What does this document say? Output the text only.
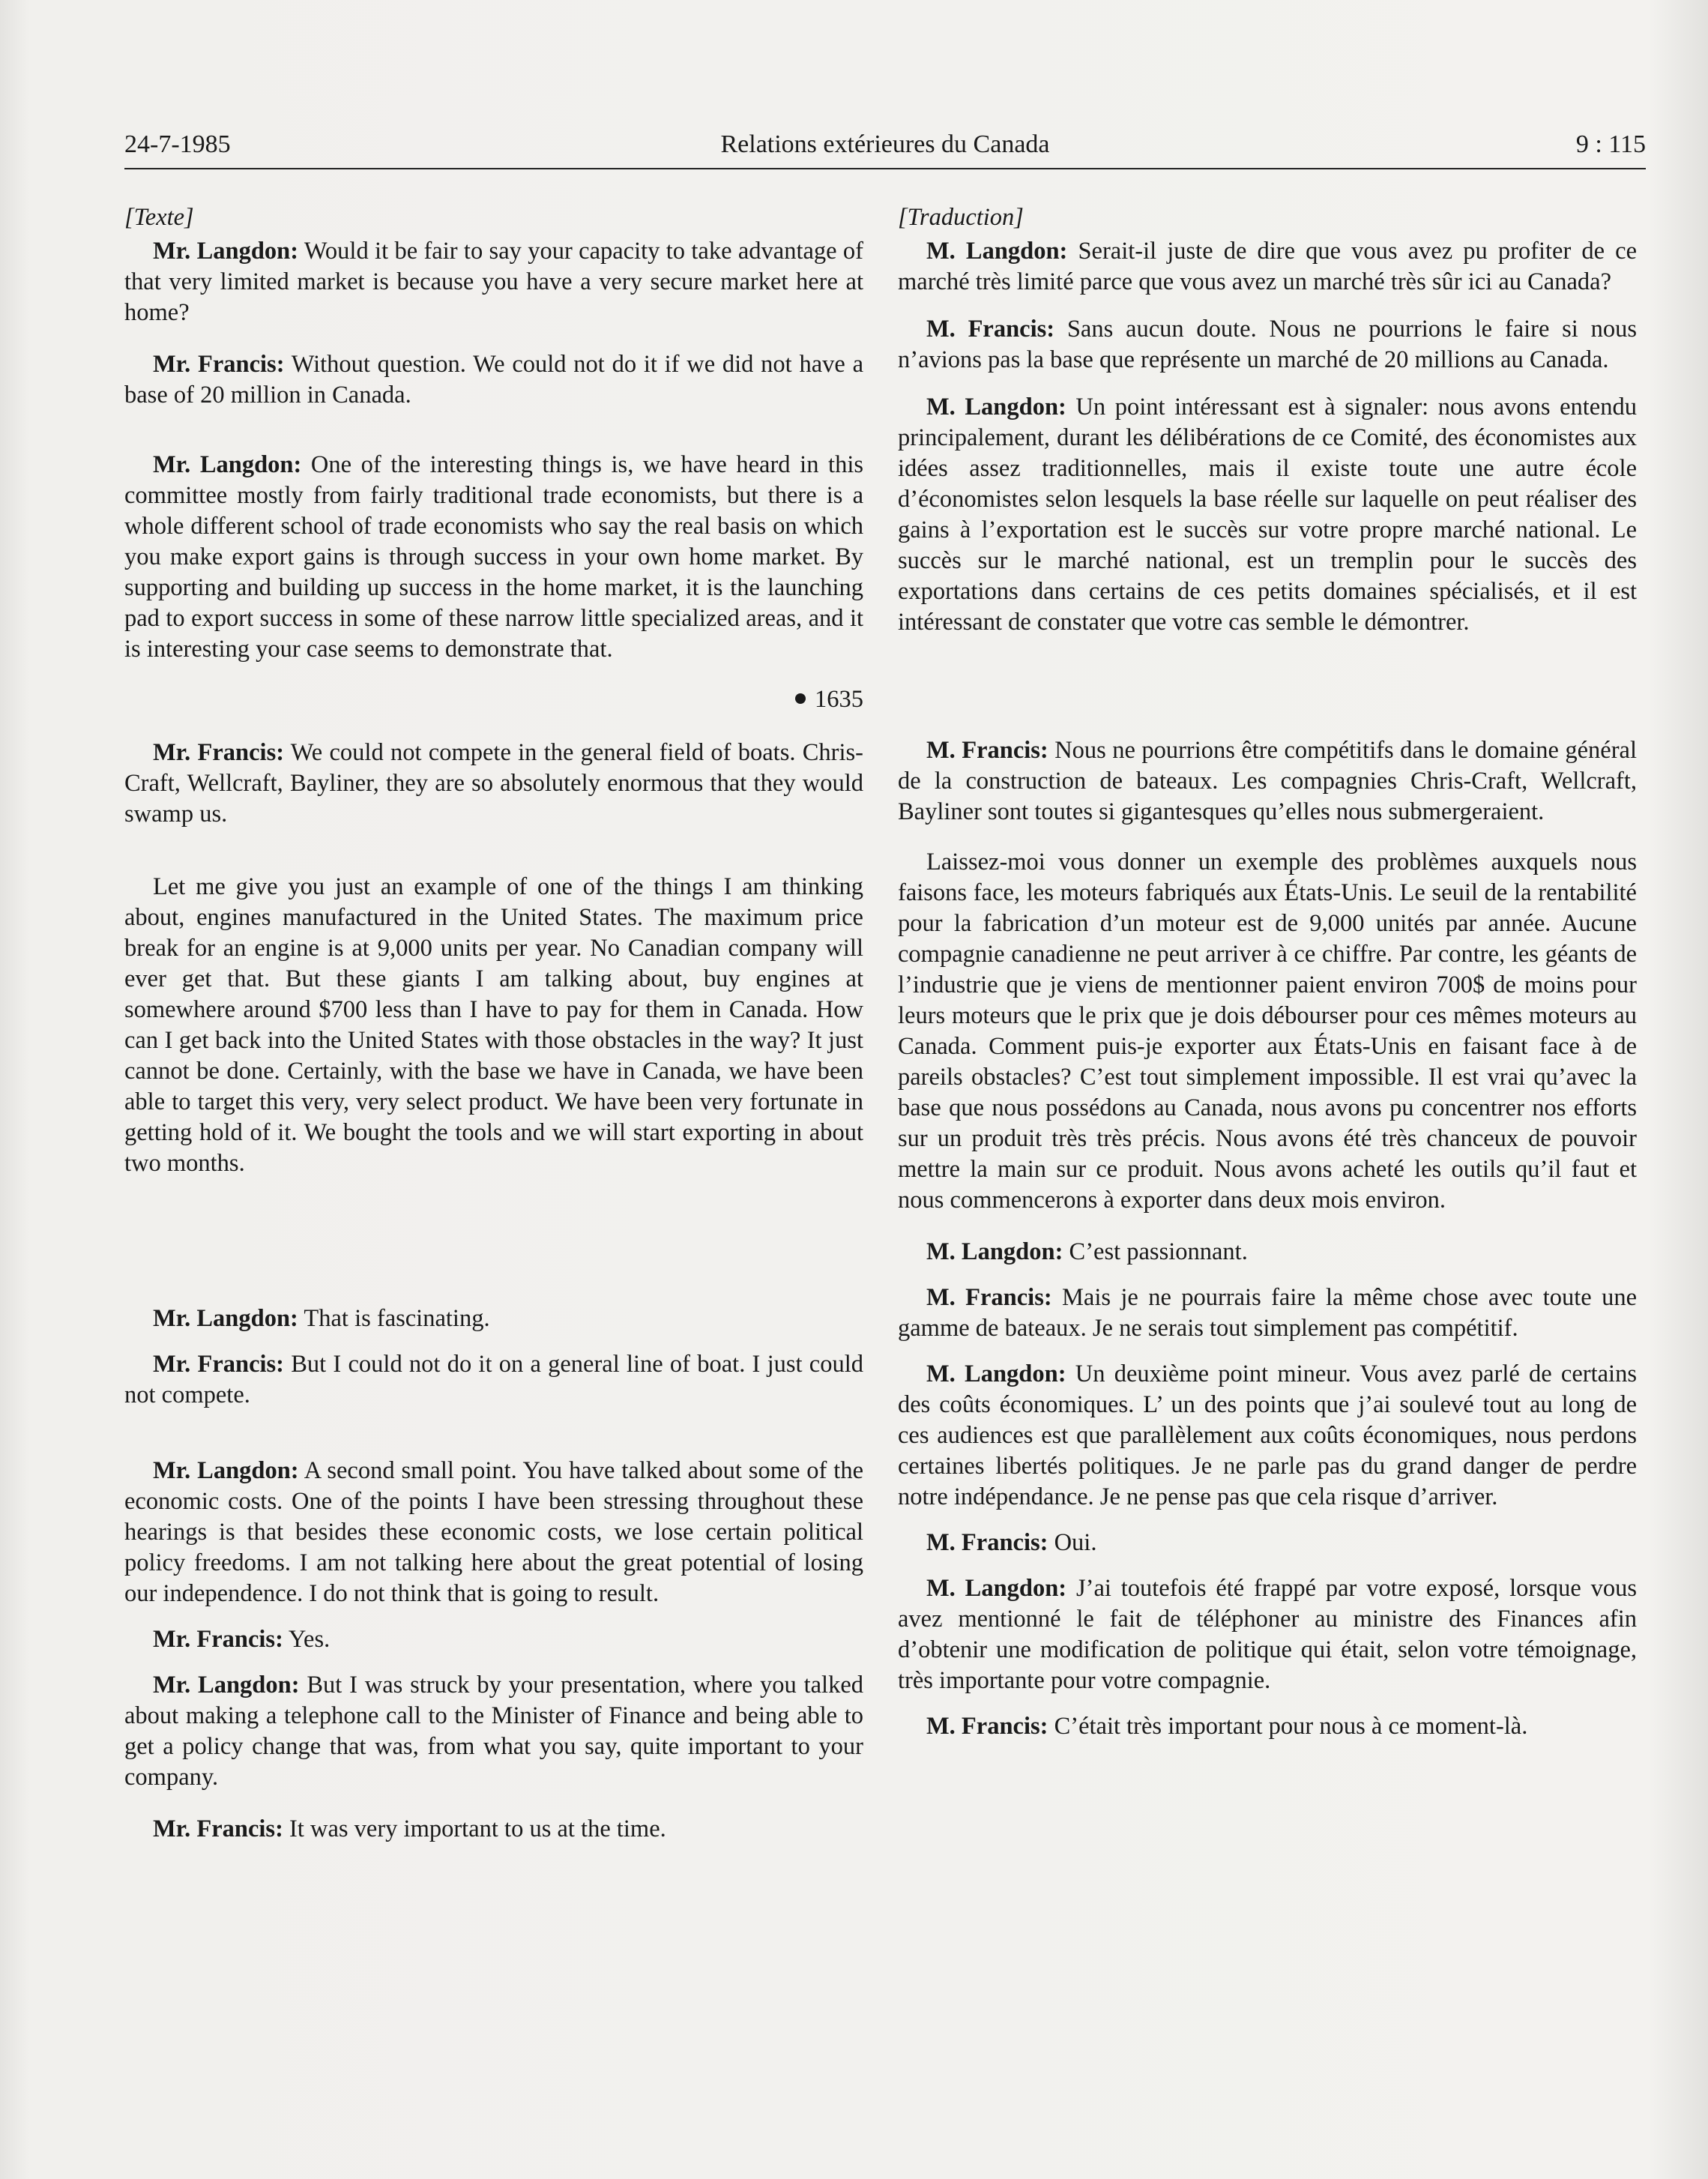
24-7-1985	Relations extérieures du Canada	9 : 115

[Texte]

Mr. Langdon: Would it be fair to say your capacity to take advantage of that very limited market is because you have a very secure market here at home?

Mr. Francis: Without question. We could not do it if we did not have a base of 20 million in Canada.

Mr. Langdon: One of the interesting things is, we have heard in this committee mostly from fairly traditional trade economists, but there is a whole different school of trade economists who say the real basis on which you make export gains is through success in your own home market. By supporting and building up success in the home market, it is the launching pad to export success in some of these narrow little specialized areas, and it is interesting your case seems to demonstrate that.

1635

Mr. Francis: We could not compete in the general field of boats. Chris-Craft, Wellcraft, Bayliner, they are so absolutely enormous that they would swamp us.

Let me give you just an example of one of the things I am thinking about, engines manufactured in the United States. The maximum price break for an engine is at 9,000 units per year. No Canadian company will ever get that. But these giants I am talking about, buy engines at somewhere around $700 less than I have to pay for them in Canada. How can I get back into the United States with those obstacles in the way? It just cannot be done. Certainly, with the base we have in Canada, we have been able to target this very, very select product. We have been very fortunate in getting hold of it. We bought the tools and we will start exporting in about two months.

Mr. Langdon: That is fascinating.

Mr. Francis: But I could not do it on a general line of boat. I just could not compete.

Mr. Langdon: A second small point. You have talked about some of the economic costs. One of the points I have been stressing throughout these hearings is that besides these economic costs, we lose certain political policy freedoms. I am not talking here about the great potential of losing our independence. I do not think that is going to result.

Mr. Francis: Yes.

Mr. Langdon: But I was struck by your presentation, where you talked about making a telephone call to the Minister of Finance and being able to get a policy change that was, from what you say, quite important to your company.

Mr. Francis: It was very important to us at the time.

[Traduction]

M. Langdon: Serait-il juste de dire que vous avez pu profiter de ce marché très limité parce que vous avez un marché très sûr ici au Canada?

M. Francis: Sans aucun doute. Nous ne pourrions le faire si nous n’avions pas la base que représente un marché de 20 millions au Canada.

M. Langdon: Un point intéressant est à signaler: nous avons entendu principalement, durant les délibérations de ce Comité, des économistes aux idées assez traditionnelles, mais il existe toute une autre école d’économistes selon lesquels la base réelle sur laquelle on peut réaliser des gains à l’exportation est le succès sur votre propre marché national. Le succès sur le marché national, est un tremplin pour le succès des exportations dans certains de ces petits domaines spécialisés, et il est intéressant de constater que votre cas semble le démontrer.

M. Francis: Nous ne pourrions être compétitifs dans le domaine général de la construction de bateaux. Les compagnies Chris-Craft, Wellcraft, Bayliner sont toutes si gigantesques qu’elles nous submergeraient.

Laissez-moi vous donner un exemple des problèmes auxquels nous faisons face, les moteurs fabriqués aux États-Unis. Le seuil de la rentabilité pour la fabrication d’un moteur est de 9,000 unités par année. Aucune compagnie canadienne ne peut arriver à ce chiffre. Par contre, les géants de l’industrie que je viens de mentionner paient environ 700$ de moins pour leurs moteurs que le prix que je dois débourser pour ces mêmes moteurs au Canada. Comment puis-je exporter aux États-Unis en faisant face à de pareils obstacles? C’est tout simplement impossible. Il est vrai qu’avec la base que nous possédons au Canada, nous avons pu concentrer nos efforts sur un produit très très précis. Nous avons été très chanceux de pouvoir mettre la main sur ce produit. Nous avons acheté les outils qu’il faut et nous commencerons à exporter dans deux mois environ.

M. Langdon: C’est passionnant.

M. Francis: Mais je ne pourrais faire la même chose avec toute une gamme de bateaux. Je ne serais tout simplement pas compétitif.

M. Langdon: Un deuxième point mineur. Vous avez parlé de certains des coûts économiques. L’ un des points que j’ai soulevé tout au long de ces audiences est que parallèlement aux coûts économiques, nous perdons certaines libertés politiques. Je ne parle pas du grand danger de perdre notre indépendance. Je ne pense pas que cela risque d’arriver.

M. Francis: Oui.

M. Langdon: J’ai toutefois été frappé par votre exposé, lorsque vous avez mentionné le fait de téléphoner au ministre des Finances afin d’obtenir une modification de politique qui était, selon votre témoignage, très importante pour votre compagnie.

M. Francis: C’était très important pour nous à ce moment-là.
